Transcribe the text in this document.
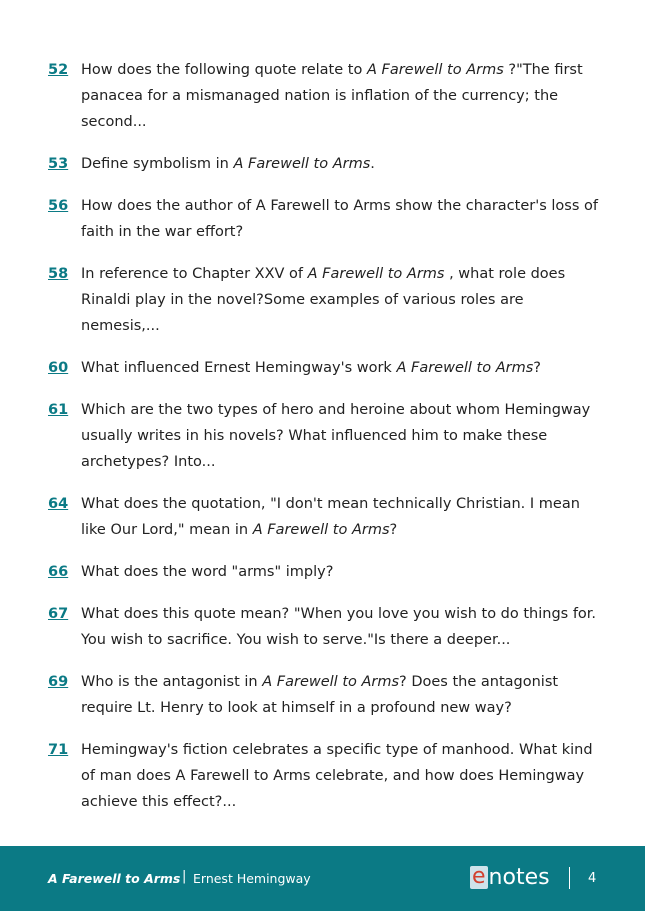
52 How does the following quote relate to A Farewell to Arms ?"The first panacea for a mismanaged nation is inflation of the currency; the second...
53 Define symbolism in A Farewell to Arms.
56 How does the author of A Farewell to Arms show the character's loss of faith in the war effort?
58 In reference to Chapter XXV of A Farewell to Arms , what role does Rinaldi play in the novel?Some examples of various roles are nemesis,...
60 What influenced Ernest Hemingway's work A Farewell to Arms?
61 Which are the two types of hero and heroine about whom Hemingway usually writes in his novels? What influenced him to make these archetypes? Into...
64 What does the quotation, "I don't mean technically Christian. I mean like Our Lord," mean in A Farewell to Arms?
66 What does the word "arms" imply?
67 What does this quote mean? "When you love you wish to do things for. You wish to sacrifice. You wish to serve."Is there a deeper...
69 Who is the antagonist in A Farewell to Arms? Does the antagonist require Lt. Henry to look at himself in a profound new way?
71 Hemingway's fiction celebrates a specific type of manhood. What kind of man does A Farewell to Arms celebrate, and how does Hemingway achieve this effect?...
A Farewell to Arms | Ernest Hemingway	e notes	4
